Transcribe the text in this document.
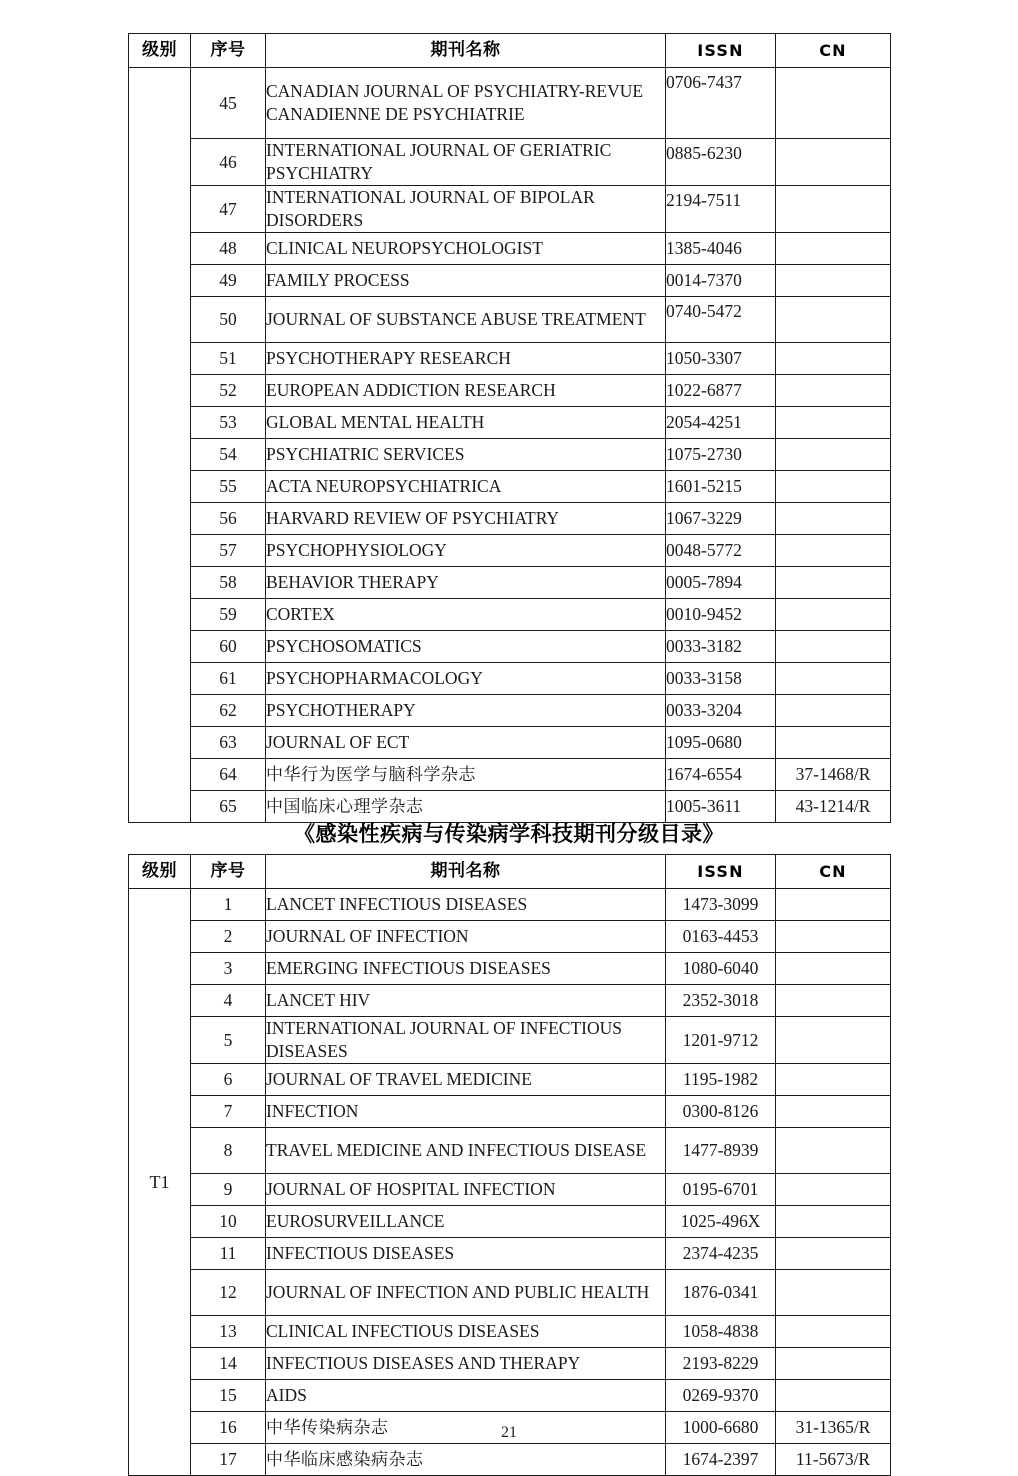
级别	序号	期刊名称	ISSN	CN
	45	CANADIAN JOURNAL OF PSYCHIATRY-REVUE CANADIENNE DE PSYCHIATRIE	0706-7437	
	46	INTERNATIONAL JOURNAL OF GERIATRIC PSYCHIATRY	0885-6230	
	47	INTERNATIONAL JOURNAL OF BIPOLAR DISORDERS	2194-7511	
	48	CLINICAL NEUROPSYCHOLOGIST	1385-4046	
	49	FAMILY PROCESS	0014-7370	
	50	JOURNAL OF SUBSTANCE ABUSE TREATMENT	0740-5472	
	51	PSYCHOTHERAPY RESEARCH	1050-3307	
	52	EUROPEAN ADDICTION RESEARCH	1022-6877	
	53	GLOBAL MENTAL HEALTH	2054-4251	
	54	PSYCHIATRIC SERVICES	1075-2730	
	55	ACTA NEUROPSYCHIATRICA	1601-5215	
	56	HARVARD REVIEW OF PSYCHIATRY	1067-3229	
	57	PSYCHOPHYSIOLOGY	0048-5772	
	58	BEHAVIOR THERAPY	0005-7894	
	59	CORTEX	0010-9452	
	60	PSYCHOSOMATICS	0033-3182	
	61	PSYCHOPHARMACOLOGY	0033-3158	
	62	PSYCHOTHERAPY	0033-3204	
	63	JOURNAL OF ECT	1095-0680	
	64	中华行为医学与脑科学杂志	1674-6554	37-1468/R
	65	中国临床心理学杂志	1005-3611	43-1214/R
《感染性疾病与传染病学科技期刊分级目录》
级别	序号	期刊名称	ISSN	CN
T1	1	LANCET INFECTIOUS DISEASES	1473-3099	
	2	JOURNAL OF INFECTION	0163-4453	
	3	EMERGING INFECTIOUS DISEASES	1080-6040	
	4	LANCET HIV	2352-3018	
	5	INTERNATIONAL JOURNAL OF INFECTIOUS DISEASES	1201-9712	
	6	JOURNAL OF TRAVEL MEDICINE	1195-1982	
	7	INFECTION	0300-8126	
	8	TRAVEL MEDICINE AND INFECTIOUS DISEASE	1477-8939	
	9	JOURNAL OF HOSPITAL INFECTION	0195-6701	
	10	EUROSURVEILLANCE	1025-496X	
	11	INFECTIOUS DISEASES	2374-4235	
	12	JOURNAL OF INFECTION AND PUBLIC HEALTH	1876-0341	
	13	CLINICAL INFECTIOUS DISEASES	1058-4838	
	14	INFECTIOUS DISEASES AND THERAPY	2193-8229	
	15	AIDS	0269-9370	
	16	中华传染病杂志	1000-6680	31-1365/R
	17	中华临床感染病杂志	1674-2397	11-5673/R
21
